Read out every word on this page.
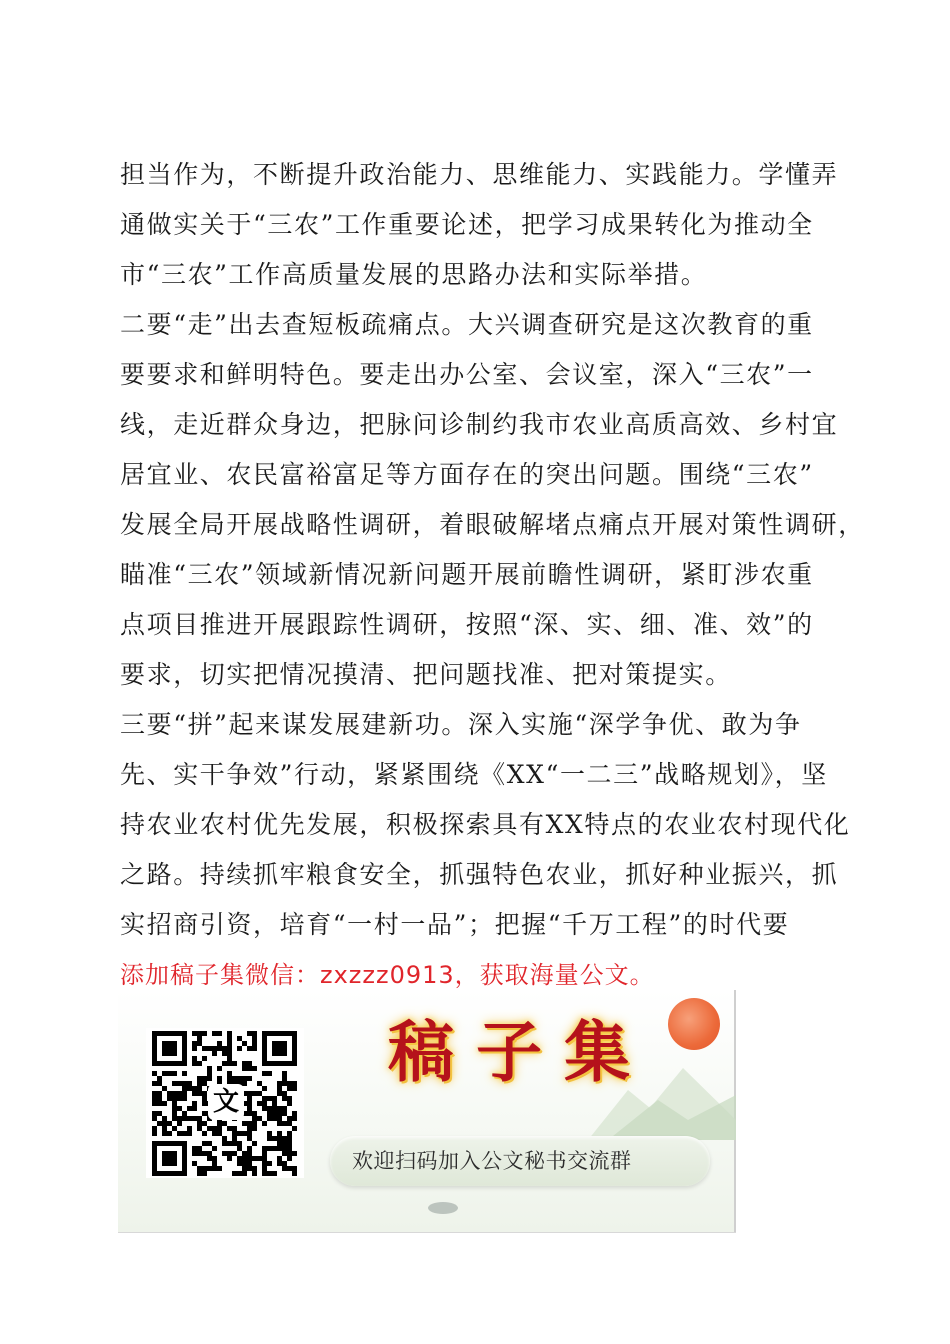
担当作为，不断提升政治能力、思维能力、实践能力。学懂弄
通做实关于“三农”工作重要论述，把学习成果转化为推动全
市“三农”工作高质量发展的思路办法和实际举措。
二要“走”出去查短板疏痛点。大兴调查研究是这次教育的重
要要求和鲜明特色。要走出办公室、会议室，深入“三农”一
线，走近群众身边，把脉问诊制约我市农业高质高效、乡村宜
居宜业、农民富裕富足等方面存在的突出问题。围绕“三农”
发展全局开展战略性调研，着眼破解堵点痛点开展对策性调研，
瞄准“三农”领域新情况新问题开展前瞻性调研，紧盯涉农重
点项目推进开展跟踪性调研，按照“深、实、细、准、效”的
要求，切实把情况摸清、把问题找准、把对策提实。
三要“拼”起来谋发展建新功。深入实施“深学争优、敢为争
先、实干争效”行动，紧紧围绕《XX“一二三”战略规划》，坚
持农业农村优先发展，积极探索具有XX特点的农业农村现代化
之路。持续抓牢粮食安全，抓强特色农业，抓好种业振兴，抓
实招商引资，培育“一村一品”；把握“千万工程”的时代要
添加稿子集微信：zxzzz0913，获取海量公文。
文
稿子集
欢迎扫码加入公文秘书交流群
